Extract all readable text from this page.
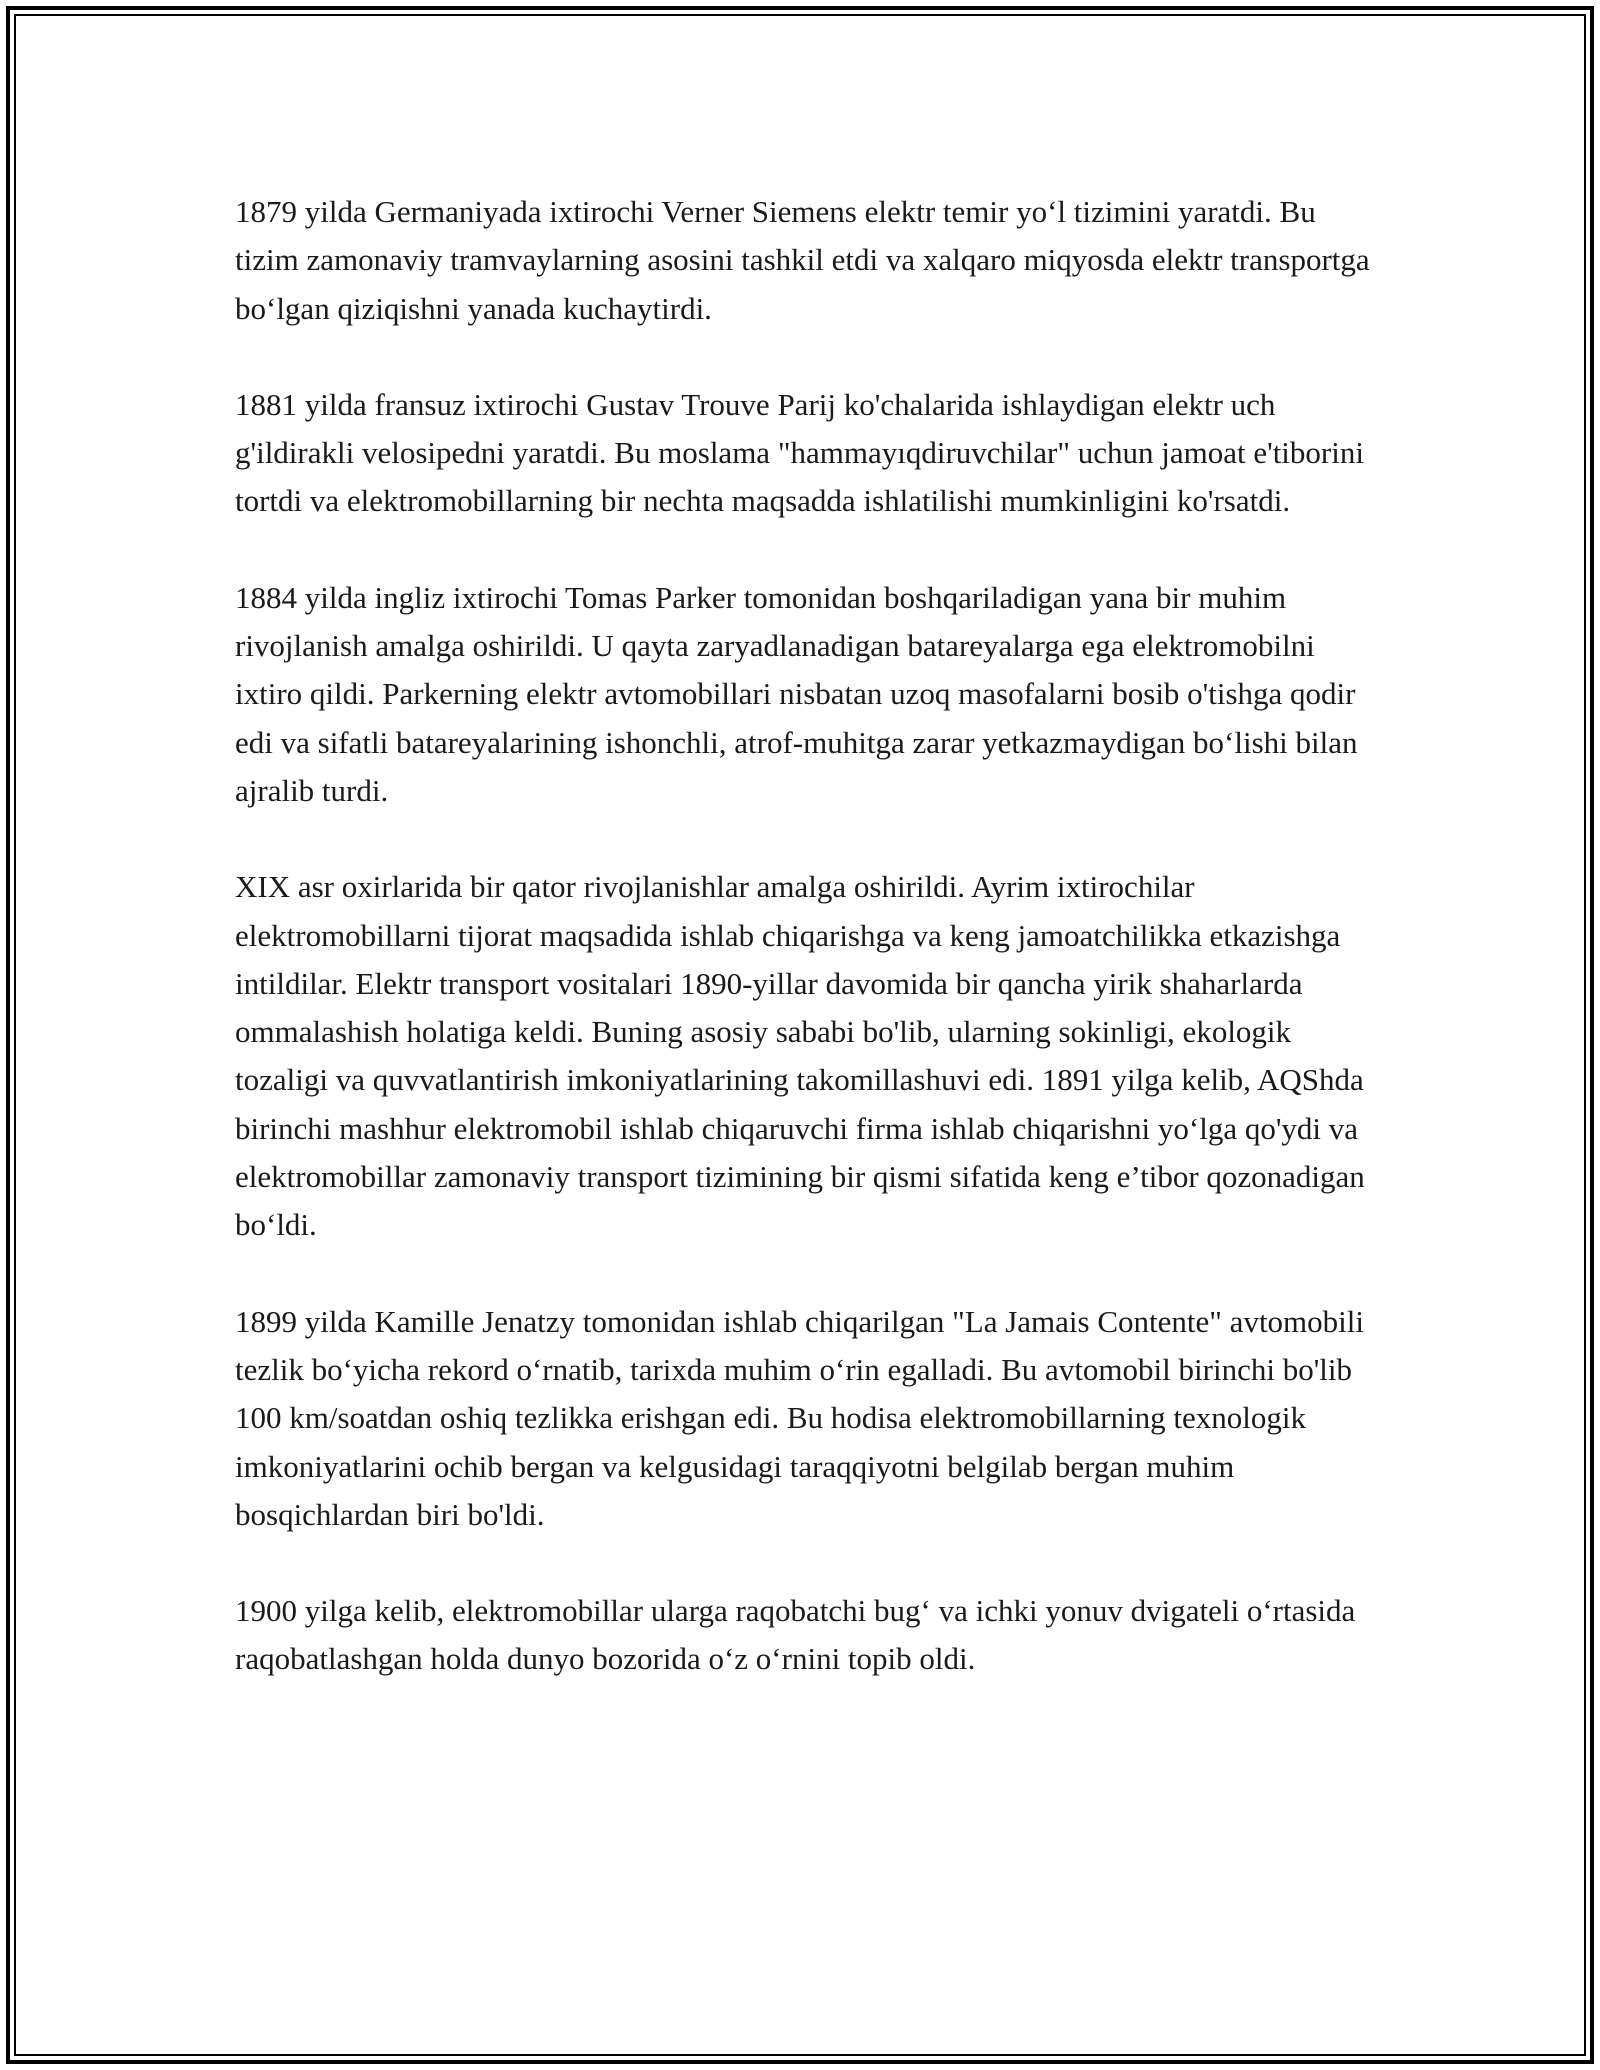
1879 yilda Germaniyada ixtirochi Verner Siemens elektr temir yo‘l tizimini yaratdi. Bu tizim zamonaviy tramvaylarning asosini tashkil etdi va xalqaro miqyosda elektr transportga bo‘lgan qiziqishni yanada kuchaytirdi.

1881 yilda fransuz ixtirochi Gustav Trouve Parij ko'chalarida ishlaydigan elektr uch g'ildirakli velosipedni yaratdi. Bu moslama "hammayıqdiruvchilar" uchun jamoat e'tiborini tortdi va elektromobillarning bir nechta maqsadda ishlatilishi mumkinligini ko'rsatdi.

1884 yilda ingliz ixtirochi Tomas Parker tomonidan boshqariladigan yana bir muhim rivojlanish amalga oshirildi. U qayta zaryadlanadigan batareyalarga ega elektromobilni ixtiro qildi. Parkerning elektr avtomobillari nisbatan uzoq masofalarni bosib o'tishga qodir edi va sifatli batareyalarining ishonchli, atrof-muhitga zarar yetkazmaydigan bo‘lishi bilan ajralib turdi.

XIX asr oxirlarida bir qator rivojlanishlar amalga oshirildi. Ayrim ixtirochilar elektromobillarni tijorat maqsadida ishlab chiqarishga va keng jamoatchilikka etkazishga intildilar. Elektr transport vositalari 1890-yillar davomida bir qancha yirik shaharlarda ommalashish holatiga keldi. Buning asosiy sababi bo'lib, ularning sokinligi, ekologik tozaligi va quvvatlantirish imkoniyatlarining takomillashuvi edi. 1891 yilga kelib, AQShda birinchi mashhur elektromobil ishlab chiqaruvchi firma ishlab chiqarishni yo‘lga qo'ydi va elektromobillar zamonaviy transport tizimining bir qismi sifatida keng e’tibor qozonadigan bo‘ldi.

1899 yilda Kamille Jenatzy tomonidan ishlab chiqarilgan "La Jamais Contente" avtomobili tezlik bo‘yicha rekord o‘rnatib, tarixda muhim o‘rin egalladi. Bu avtomobil birinchi bo'lib 100 km/soatdan oshiq tezlikka erishgan edi. Bu hodisa elektromobillarning texnologik imkoniyatlarini ochib bergan va kelgusidagi taraqqiyotni belgilab bergan muhim bosqichlardan biri bo'ldi.

1900 yilga kelib, elektromobillar ularga raqobatchi bug‘ va ichki yonuv dvigateli o‘rtasida raqobatlashgan holda dunyo bozorida o‘z o‘rnini topib oldi.
